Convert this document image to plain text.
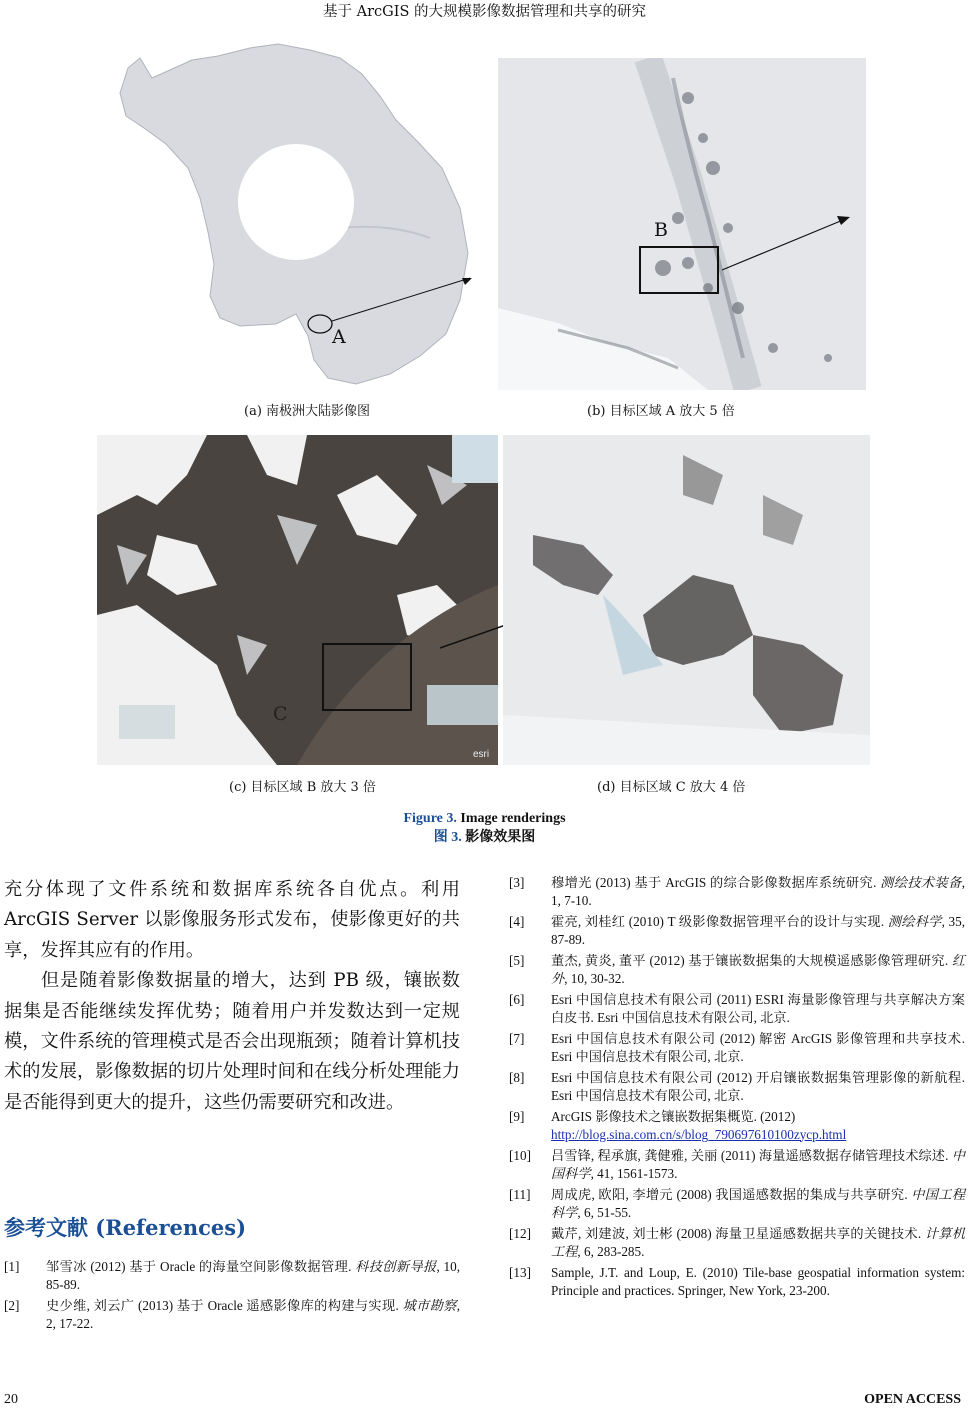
基于 ArcGIS 的大规模影像数据管理和共享的研究
A
B
(a) 南极洲大陆影像图	(b) 目标区域 A 放大 5 倍
C
esri
(c) 目标区域 B 放大 3 倍	(d) 目标区域 C 放大 4 倍
Figure 3. Image renderings
图 3. 影像效果图

充分体现了文件系统和数据库系统各自优点。利用 ArcGIS Server 以影像服务形式发布，使影像更好的共享，发挥其应有的作用。

但是随着影像数据量的增大，达到 PB 级，镶嵌数据集是否能继续发挥优势；随着用户并发数达到一定规模，文件系统的管理模式是否会出现瓶颈；随着计算机技术的发展，影像数据的切片处理时间和在线分析处理能力是否能得到更大的提升，这些仍需要研究和改进。

参考文献 (References)
[1] 邹雪冰 (2012) 基于 Oracle 的海量空间影像数据管理. 科技创新导报, 10, 85-89.
[2] 史少维, 刘云广 (2013) 基于 Oracle 遥感影像库的构建与实现. 城市勘察, 2, 17-22.
[3] 穆增光 (2013) 基于 ArcGIS 的综合影像数据库系统研究. 测绘技术装备, 1, 7-10.
[4] 霍亮, 刘桂红 (2010) T 级影像数据管理平台的设计与实现. 测绘科学, 35, 87-89.
[5] 董杰, 黄炎, 董平 (2012) 基于镶嵌数据集的大规模遥感影像管理研究. 红外, 10, 30-32.
[6] Esri 中国信息技术有限公司 (2011) ESRI 海量影像管理与共享解决方案白皮书. Esri 中国信息技术有限公司, 北京.
[7] Esri 中国信息技术有限公司 (2012) 解密 ArcGIS 影像管理和共享技术. Esri 中国信息技术有限公司, 北京.
[8] Esri 中国信息技术有限公司 (2012) 开启镶嵌数据集管理影像的新航程. Esri 中国信息技术有限公司, 北京.
[9] ArcGIS 影像技术之镶嵌数据集概览. (2012)
http://blog.sina.com.cn/s/blog_790697610100zycp.html
[10] 吕雪锋, 程承旗, 龚健雅, 关丽 (2011) 海量遥感数据存储管理技术综述. 中国科学, 41, 1561-1573.
[11] 周成虎, 欧阳, 李增元 (2008) 我国遥感数据的集成与共享研究. 中国工程科学, 6, 51-55.
[12] 戴芹, 刘建波, 刘士彬 (2008) 海量卫星遥感数据共享的关键技术. 计算机工程, 6, 283-285.
[13] Sample, J.T. and Loup, E. (2010) Tile-base geospatial information system: Principle and practices. Springer, New York, 23-200.
20	OPEN ACCESS
